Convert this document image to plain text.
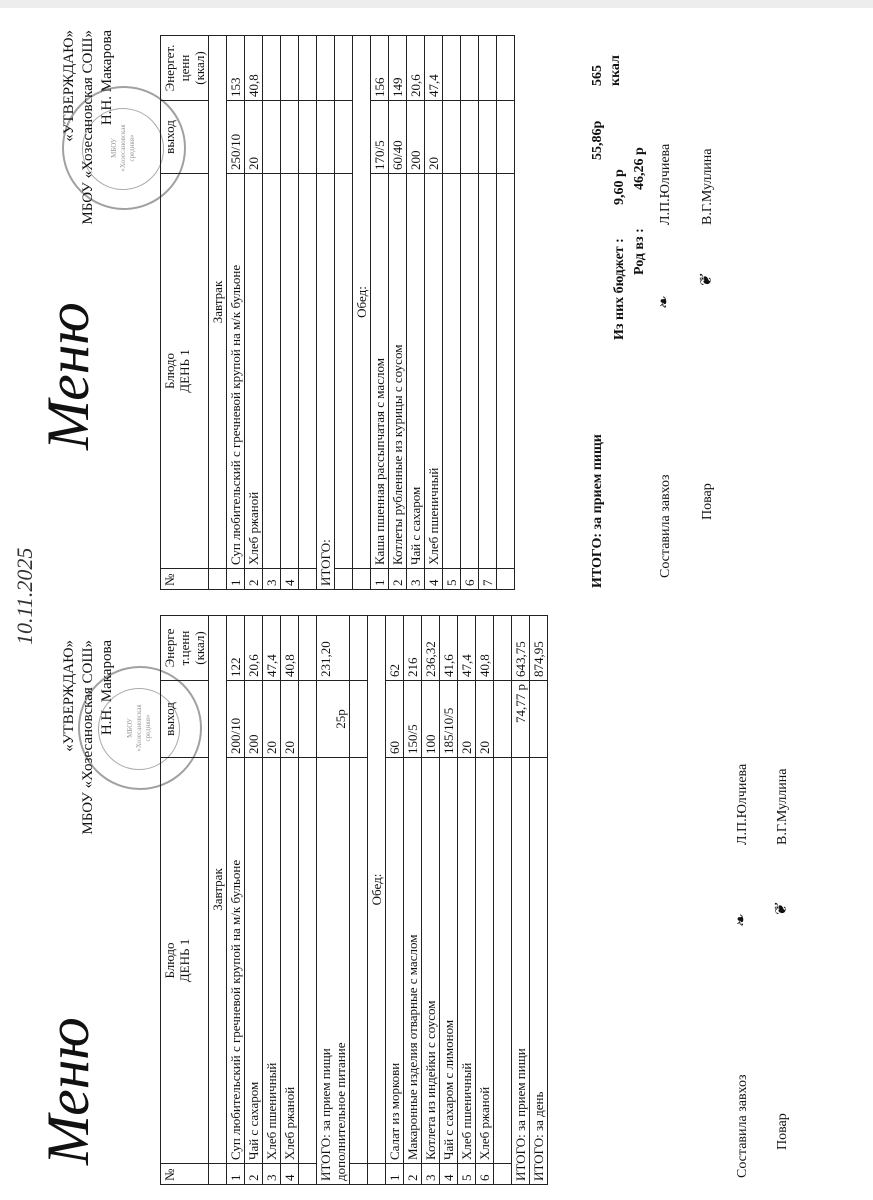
10.11.2025
Меню
МБОУ
«Хозесановская
средняя»
«УТВЕРЖДАЮ» МБОУ «Хозесановская СОШ» Н.Н. Макарова
№	Блюдо
ДЕНЬ 1	выход	Энерге
т.ценн
(ккал)
	Завтрак		
1	Суп любительский с гречневой крупой на м/к бульоне	200/10	122
2	Чай с сахаром	200	20,6
3	Хлеб пшеничный	20	47,4
4	Хлеб ржаной	20	40,8

ИТОГО: за прием пищи дополнительное питание		25р	231,20

	Обед:		
1	Салат из моркови	60	62
2	Макаронные изделия отварные с маслом	150/5	216
3	Котлета из индейки с соусом	100	236,32
4	Чай с сахаром с лимоном	185/10/5	41,6
5	Хлеб пшеничный	20	47,4
6	Хлеб ржаной	20	40,8

ИТОГО: за прием пищи		74,77 р	643,75
ИТОГО: за день			874,95
Составила завхоз
❧
Л.П.Юлчиева
Повар
❦
В.Г.Муллина
Меню
МБОУ
«Хозесановская
средняя»
«УТВЕРЖДАЮ» МБОУ «Хозесановская СОШ» Н.Н. Макарова
№	Блюдо
ДЕНЬ 1	выход	Энергет.
ценн
(ккал)
	Завтрак		
1	Суп любительский с гречневой крупой на м/к бульоне	250/10	153
2	Хлеб ржаной	20	40,8
3			
4			

ИТОГО:			

	Обед:		
1	Каша пшенная рассыпчатая с маслом	170/5	156
2	Котлеты рубленные из курицы с соусом	60/40	149
3	Чай с сахаром	200	20,6
4	Хлеб пшеничный	20	47,4
5			
6			
7			
				ИТОГО: за прием пищи
55,86р
565 ккал
Из них бюджет :
9,60 р
Род вз :
46,26 р
Составила завхоз
❧
Л.П.Юлчиева
Повар
❦
В.Г.Муллина
